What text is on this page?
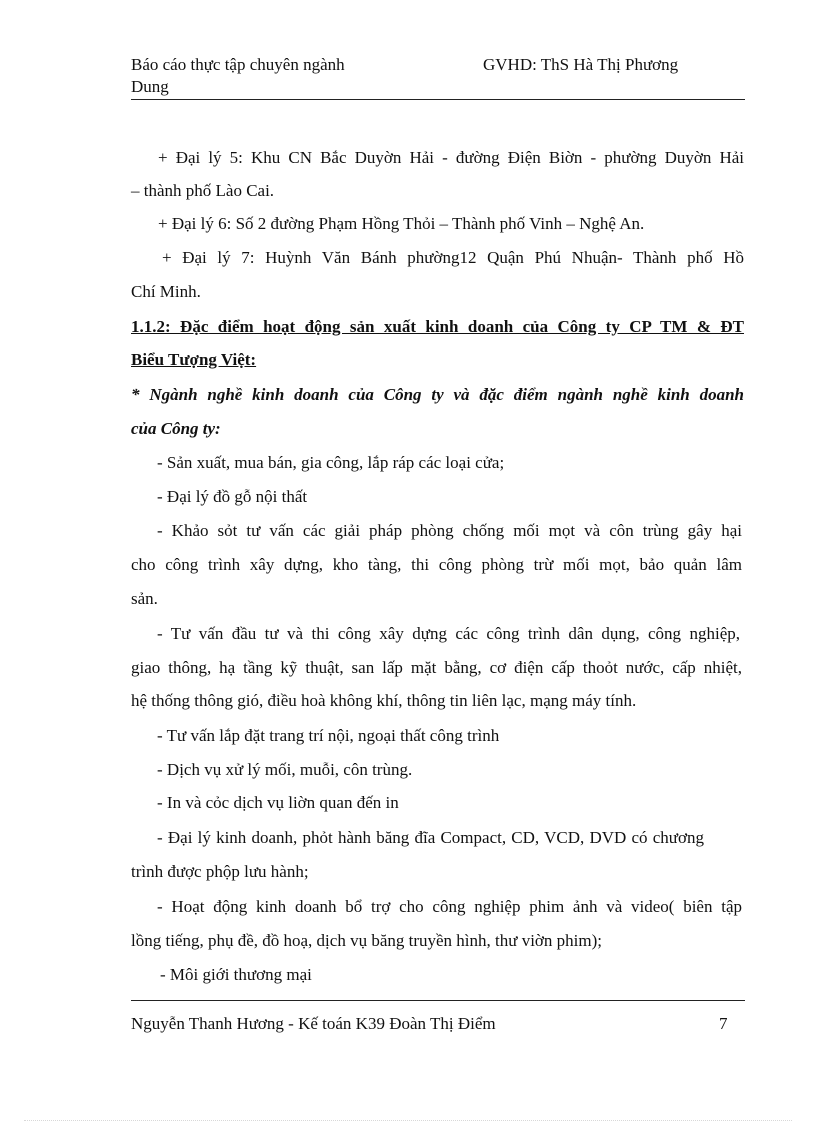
Báo cáo thực tập chuyên ngành
Dung
GVHD: ThS Hà Thị Phương
+ Đại lý 5: Khu CN Bắc Duyờn Hải - đường Điện Biờn - phường Duyờn Hải
– thành phố Lào Cai.
+ Đại lý 6: Số 2 đường Phạm Hồng Thỏi – Thành phố Vinh – Nghệ An.
+ Đại lý 7: Huỳnh Văn Bánh phường12 Quận Phú Nhuận- Thành phố Hồ
Chí Minh.
1.1.2: Đặc điểm hoạt động sản xuất kinh doanh của Công ty CP TM & ĐT
Biểu Tượng Việt:
* Ngành nghề kinh doanh của Công ty và đặc điểm ngành nghề kinh doanh
của Công ty:
- Sản xuất, mua bán, gia công, lắp ráp các loại cửa;
- Đại lý đồ gỗ nội thất
- Khảo sỏt tư vấn các giải pháp phòng chống mối mọt và côn trùng gây hại
cho công trình xây dựng, kho tàng, thi công phòng trừ mối mọt, bảo quản lâm
sản.
- Tư vấn đầu tư và thi công xây dựng các công trình dân dụng, công nghiệp,
giao thông, hạ tầng kỹ thuật, san lấp mặt bằng, cơ điện cấp thoỏt nước, cấp nhiệt,
hệ thống thông gió, điều hoà không khí, thông tin liên lạc, mạng máy tính.
- Tư vấn lắp đặt trang trí nội, ngoại thất công trình
- Dịch vụ xử lý mối, muỗi, côn trùng.
- In và cỏc dịch vụ liờn quan đến in
- Đại lý kinh doanh, phỏt hành băng đĩa Compact, CD, VCD, DVD có chương
trình được phộp lưu hành;
- Hoạt động kinh doanh bổ trợ cho công nghiệp phim ảnh và video( biên tập
lồng tiếng, phụ đề, đồ hoạ, dịch vụ băng truyền hình, thư viờn phim);
- Môi giới thương mại
Nguyễn Thanh Hương - Kế toán K39 Đoàn Thị Điểm	7
